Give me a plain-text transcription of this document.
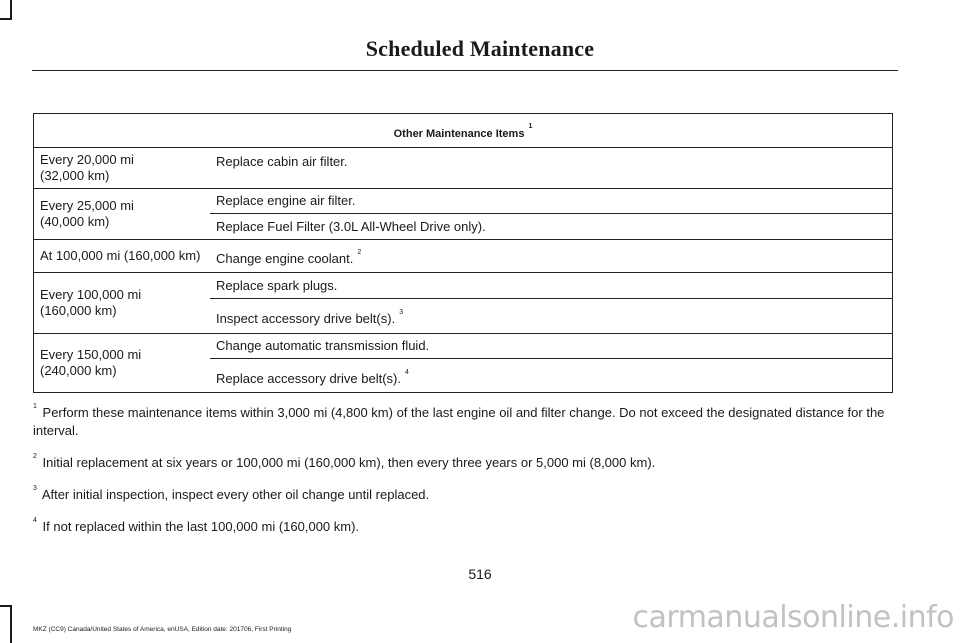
Scheduled Maintenance
Other Maintenance Items$^1$
Every 20,000 mi
(32,000 km)	Replace cabin air filter.
Every 25,000 mi
(40,000 km)	Replace engine air filter.
	Replace Fuel Filter (3.0L All-Wheel Drive only).
At 100,000 mi (160,000 km)	Change engine coolant. $^2$
Every 100,000 mi
(160,000 km)	Replace spark plugs.
	Inspect accessory drive belt(s). $^3$
Every 150,000 mi
(240,000 km)	Change automatic transmission fluid.
	Replace accessory drive belt(s). $^4$

$^1$ Perform these maintenance items within 3,000 mi (4,800 km) of the last engine oil and filter change. Do not exceed the designated distance for the interval.

$^2$ Initial replacement at six years or 100,000 mi (160,000 km), then every three years or 5,000 mi (8,000 km).

$^3$ After initial inspection, inspect every other oil change until replaced.

$^4$ If not replaced within the last 100,000 mi (160,000 km).

516
MKZ (CC9) Canada/United States of America, enUSA, Edition date: 201706, First Printing	carmanualsonline.info
